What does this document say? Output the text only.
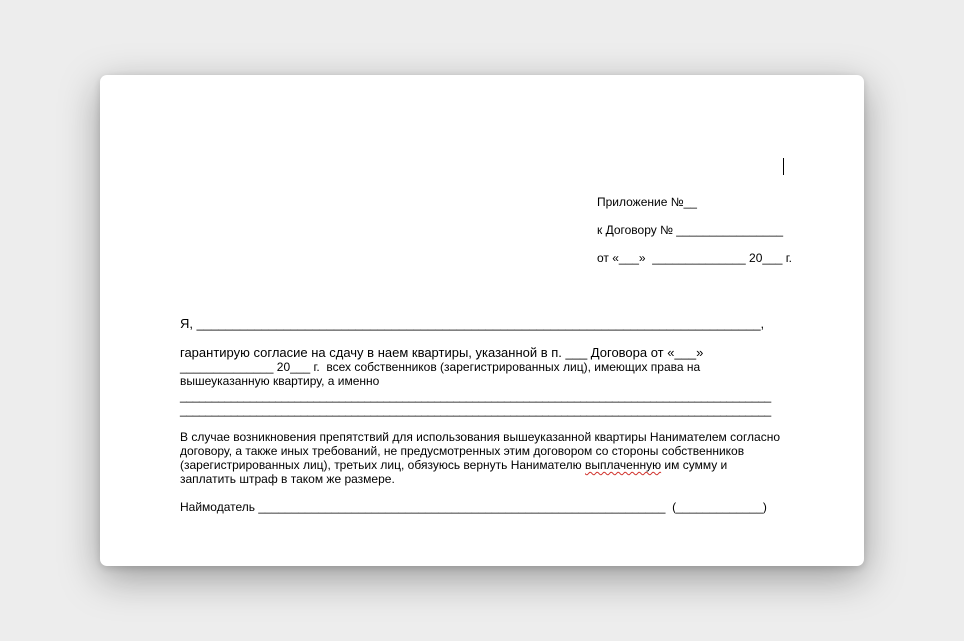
Приложение №__
к Договору № ________________
от «___»  ______________ 20___ г.
Я, ______________________________________________________________________________,
гарантирую согласие на сдачу в наем квартиры, указанной в п. ___ Договора от «___»
______________ 20___ г.  всех собственников (зарегистрированных лиц), имеющих права на
вышеуказанную квартиру, а именно
_____________________________________________________________________________________________
_____________________________________________________________________________________________
В случае возникновения препятствий для использования вышеуказанной квартиры Нанимателем согласно
договору, а также иных требований, не предусмотренных этим договором со стороны собственников
(зарегистрированных лиц), третьих лиц, обязуюсь вернуть Нанимателю выплаченную им сумму и
заплатить штраф в таком же размере.
Наймодатель _____________________________________________________________  (_____________)
